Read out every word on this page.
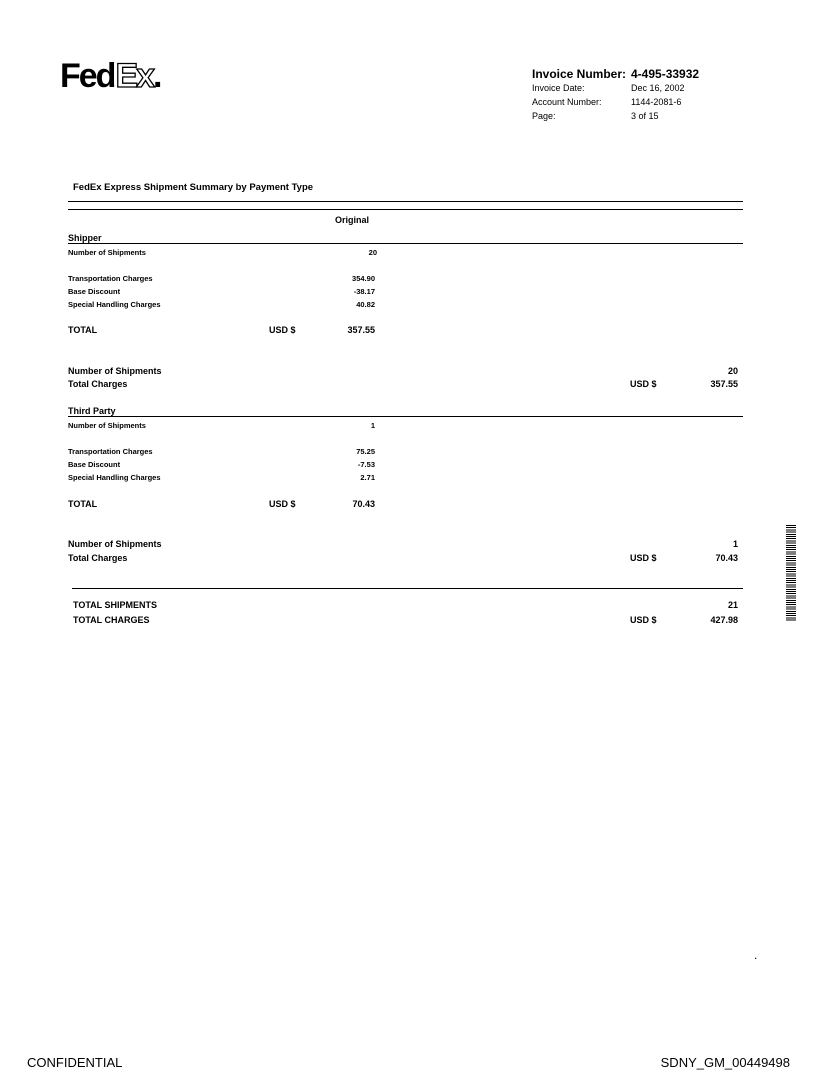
FedEx.	Invoice Number: 4-495-33932
Invoice Date:	Dec 16, 2002
Account Number:	1144-2081-6
Page:	3 of 15
FedEx Express Shipment Summary by Payment Type
Original
Shipper
Number of Shipments	20
Transportation Charges	354.90
Base Discount	-38.17
Special Handling Charges	40.82
TOTAL	USD $	357.55
Number of Shipments	20
Total Charges	USD $	357.55
Third Party
Number of Shipments	1
Transportation Charges	75.25
Base Discount	-7.53
Special Handling Charges	2.71
TOTAL	USD $	70.43
Number of Shipments	1
Total Charges	USD $	70.43
TOTAL SHIPMENTS	21
TOTAL CHARGES	USD $	427.98
.
CONFIDENTIAL	SDNY_GM_00449498
